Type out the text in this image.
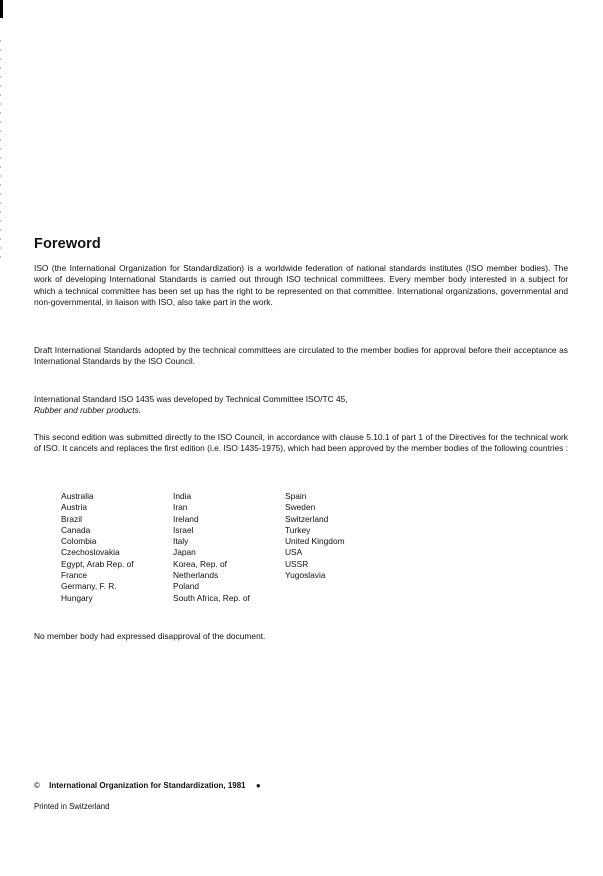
Foreword

ISO (the International Organization for Standardization) is a worldwide federation of national standards institutes (ISO member bodies). The work of developing International Standards is carried out through ISO technical committees. Every member body interested in a subject for which a technical committee has been set up has the right to be represented on that committee. International organizations, governmental and non-governmental, in liaison with ISO, also take part in the work.

Draft International Standards adopted by the technical committees are circulated to the member bodies for approval before their acceptance as International Standards by the ISO Council.

International Standard ISO 1435 was developed by Technical Committee ISO/TC 45,
Rubber and rubber products.

This second edition was submitted directly to the ISO Council, in accordance with clause 5.10.1 of part 1 of the Directives for the technical work of ISO. It cancels and replaces the first edition (i.e. ISO 1435-1975), which had been approved by the member bodies of the following countries :

Australia
Austria
Brazil
Canada
Colombia
Czechoslovakia
Egypt, Arab Rep. of
France
Germany, F. R.
Hungary
India
Iran
Ireland
Israel
Italy
Japan
Korea, Rep. of
Netherlands
Poland
South Africa, Rep. of
Spain
Sweden
Switzerland
Turkey
United Kingdom
USA
USSR
Yugoslavia

No member body had expressed disapproval of the document.

© International Organization for Standardization, 1981 ●
Printed in Switzerland
